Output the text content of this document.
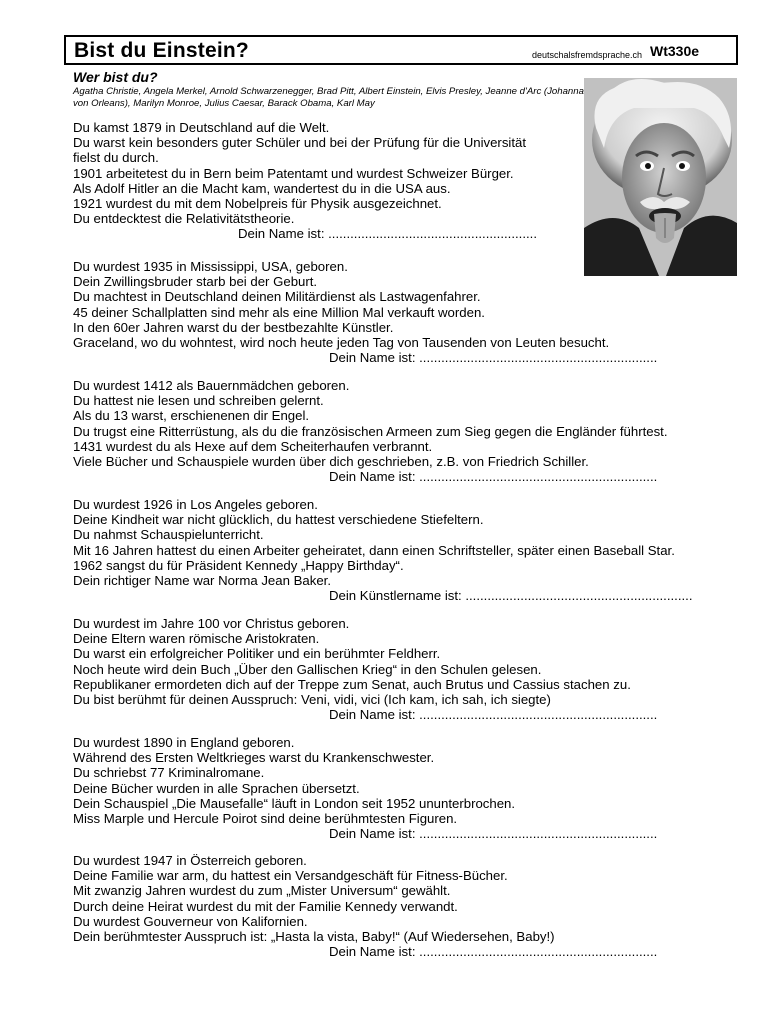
Bist du Einstein?	deutschalsfremdsprache.ch Wt330e
Wer bist du?
Agatha Christie, Angela Merkel, Arnold Schwarzenegger, Brad Pitt, Albert Einstein, Elvis Presley, Jeanne d'Arc (Johanna von Orleans), Marilyn Monroe, Julius Caesar, Barack Obama, Karl May
Du kamst 1879 in Deutschland auf die Welt.
Du warst kein besonders guter Schüler und bei der Prüfung für die Universität
fielst du durch.
1901 arbeitetest du in Bern beim Patentamt und wurdest Schweizer Bürger.
Als Adolf Hitler an die Macht kam, wandertest du in die USA aus.
1921 wurdest du mit dem Nobelpreis für Physik ausgezeichnet.
Du entdecktest die Relativitätstheorie.
Dein Name ist: .........................................................
Du wurdest 1935 in Mississippi, USA, geboren.
Dein Zwillingsbruder starb bei der Geburt.
Du machtest in Deutschland deinen Militärdienst als Lastwagenfahrer.
45 deiner Schallplatten sind mehr als eine Million Mal verkauft worden.
In den 60er Jahren warst du der bestbezahlte Künstler.
Graceland, wo du wohntest, wird noch heute jeden Tag von Tausenden von Leuten besucht.
Dein Name ist: .................................................................
Du wurdest 1412 als Bauernmädchen geboren.
Du hattest nie lesen und schreiben gelernt.
Als du 13 warst, erschienenen dir Engel.
Du trugst eine Ritterrüstung, als du die französischen Armeen zum Sieg gegen die Engländer führtest.
1431 wurdest du als Hexe auf dem Scheiterhaufen verbrannt.
Viele Bücher und Schauspiele wurden über dich geschrieben, z.B. von Friedrich Schiller.
Dein Name ist: .................................................................
Du wurdest 1926 in Los Angeles geboren.
Deine Kindheit war nicht glücklich, du hattest verschiedene Stiefeltern.
Du nahmst Schauspielunterricht.
Mit 16 Jahren hattest du einen Arbeiter geheiratet, dann einen Schriftsteller, später einen Baseball Star.
1962 sangst du für Präsident Kennedy „Happy Birthday“.
Dein richtiger Name war Norma Jean Baker.
Dein Künstlername ist: ..............................................................
Du wurdest im Jahre 100 vor Christus geboren.
Deine Eltern waren römische Aristokraten.
Du warst ein erfolgreicher Politiker und ein berühmter Feldherr.
Noch heute wird dein Buch „Über den Gallischen Krieg“ in den Schulen gelesen.
Republikaner ermordeten dich auf der Treppe zum Senat, auch Brutus und Cassius stachen zu.
Du bist berühmt für deinen Ausspruch: Veni, vidi, vici (Ich kam, ich sah, ich siegte)
Dein Name ist: .................................................................
Du wurdest 1890 in England geboren.
Während des Ersten Weltkrieges warst du Krankenschwester.
Du schriebst 77 Kriminalromane.
Deine Bücher wurden in alle Sprachen übersetzt.
Dein Schauspiel „Die Mausefalle“ läuft in London seit 1952 ununterbrochen.
Miss Marple und Hercule Poirot sind deine berühmtesten Figuren.
Dein Name ist: .................................................................
Du wurdest 1947 in Österreich geboren.
Deine Familie war arm, du hattest ein Versandgeschäft für Fitness-Bücher.
Mit zwanzig Jahren wurdest du zum „Mister Universum“ gewählt.
Durch deine Heirat wurdest du mit der Familie Kennedy verwandt.
Du wurdest Gouverneur von Kalifornien.
Dein berühmtester Ausspruch ist: „Hasta la vista, Baby!“ (Auf Wiedersehen, Baby!)
Dein Name ist: .................................................................
